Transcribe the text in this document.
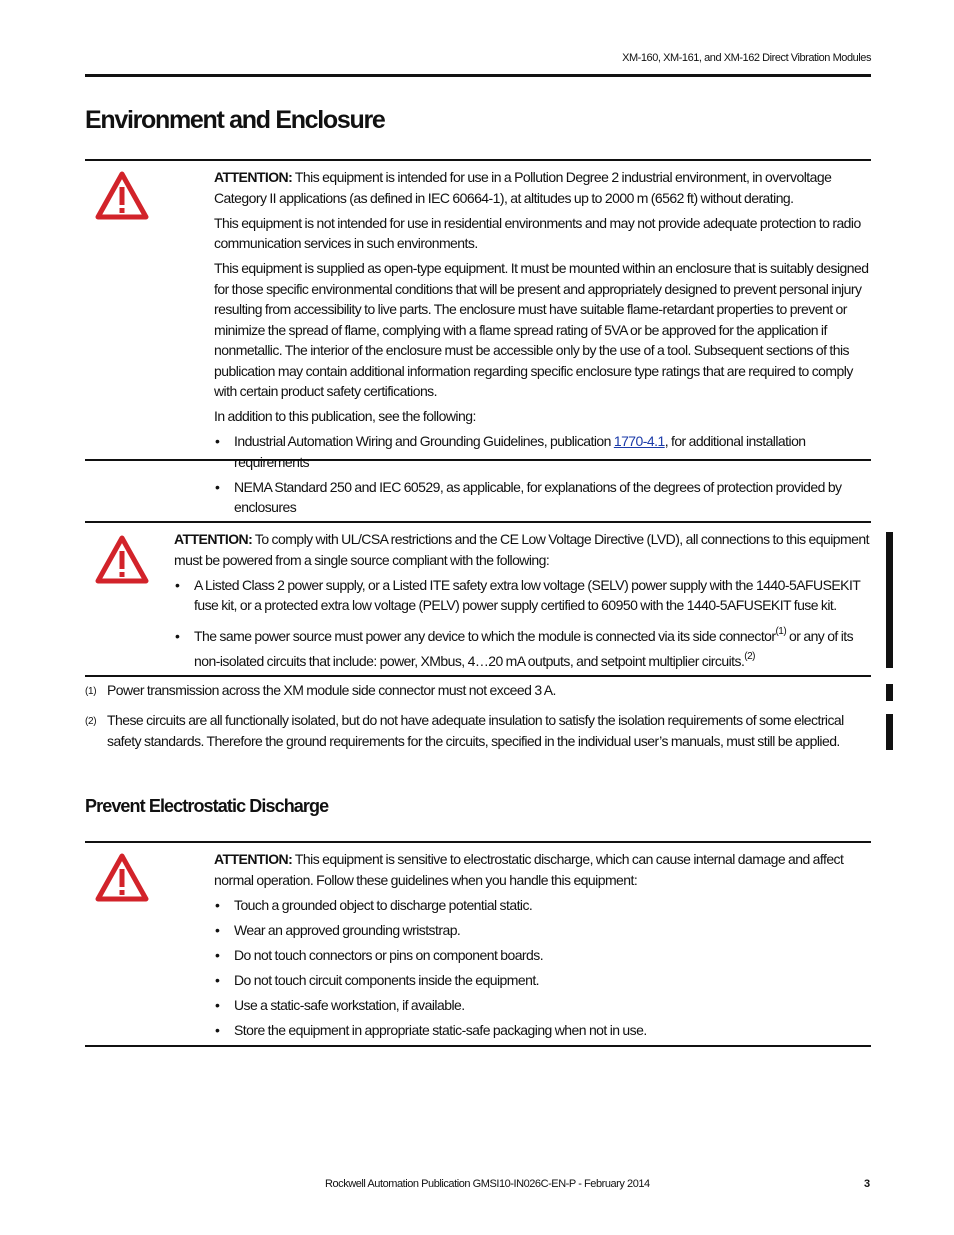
XM-160, XM-161, and XM-162 Direct Vibration Modules
Environment and Enclosure

ATTENTION: This equipment is intended for use in a Pollution Degree 2 industrial environment, in overvoltage Category II applications (as defined in IEC 60664-1), at altitudes up to 2000 m (6562 ft) without derating.

This equipment is not intended for use in residential environments and may not provide adequate protection to radio communication services in such environments.

This equipment is supplied as open-type equipment. It must be mounted within an enclosure that is suitably designed for those specific environmental conditions that will be present and appropriately designed to prevent personal injury resulting from accessibility to live parts. The enclosure must have suitable flame-retardant properties to prevent or minimize the spread of flame, complying with a flame spread rating of 5VA or be approved for the application if nonmetallic. The interior of the enclosure must be accessible only by the use of a tool. Subsequent sections of this publication may contain additional information regarding specific enclosure type ratings that are required to comply with certain product safety certifications.

In addition to this publication, see the following:

• Industrial Automation Wiring and Grounding Guidelines, publication 1770-4.1, for additional installation requirements
• NEMA Standard 250 and IEC 60529, as applicable, for explanations of the degrees of protection provided by enclosures

ATTENTION: To comply with UL/CSA restrictions and the CE Low Voltage Directive (LVD), all connections to this equipment must be powered from a single source compliant with the following:

• A Listed Class 2 power supply, or a Listed ITE safety extra low voltage (SELV) power supply with the 1440-5AFUSEKIT fuse kit, or a protected extra low voltage (PELV) power supply certified to 60950 with the 1440-5AFUSEKIT fuse kit.
• The same power source must power any device to which the module is connected via its side connector$^{(1)}$ or any of its non-isolated circuits that include: power, XMbus, 4…20 mA outputs, and setpoint multiplier circuits.$^{(2)}$
(1) Power transmission across the XM module side connector must not exceed 3 A.
(2) These circuits are all functionally isolated, but do not have adequate insulation to satisfy the isolation requirements of some electrical safety standards. Therefore the ground requirements for the circuits, specified in the individual user’s manuals, must still be applied.
Prevent Electrostatic Discharge

ATTENTION: This equipment is sensitive to electrostatic discharge, which can cause internal damage and affect normal operation. Follow these guidelines when you handle this equipment:

• Touch a grounded object to discharge potential static.
• Wear an approved grounding wriststrap.
• Do not touch connectors or pins on component boards.
• Do not touch circuit components inside the equipment.
• Use a static-safe workstation, if available.
• Store the equipment in appropriate static-safe packaging when not in use.
Rockwell Automation Publication GMSI10-IN026C-EN-P - February 2014	3
